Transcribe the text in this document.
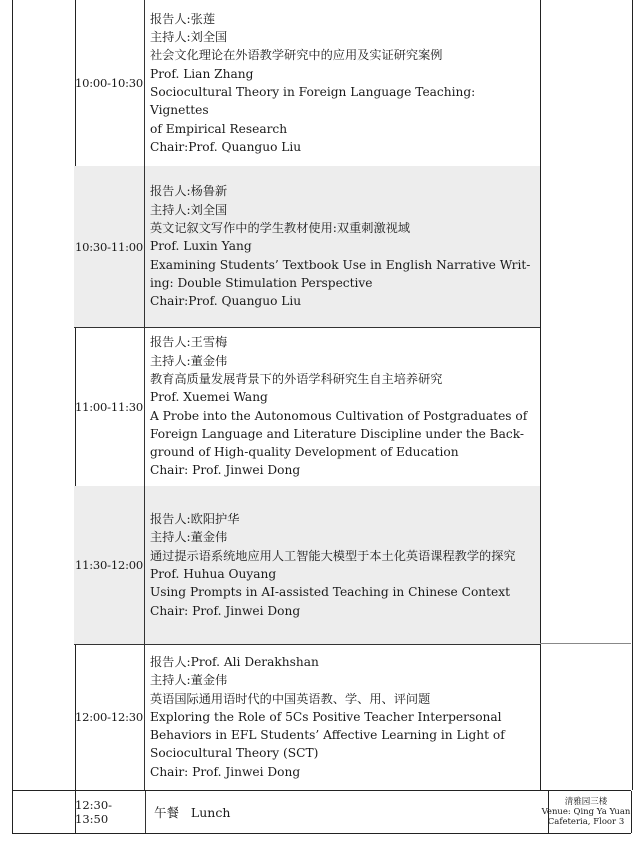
10:00-10:30
报告人:张莲
主持人:刘全国
社会文化理论在外语教学研究中的应用及实证研究案例
Prof. Lian Zhang
Sociocultural Theory in Foreign Language Teaching: Vignettes
of Empirical Research
Chair:Prof. Quanguo Liu
10:30-11:00
报告人:杨鲁新
主持人:刘全国
英文记叙文写作中的学生教材使用:双重刺激视域
Prof. Luxin Yang
Examining Students’ Textbook Use in English Narrative Writ-
ing: Double Stimulation Perspective
Chair:Prof. Quanguo Liu
11:00-11:30
报告人:王雪梅
主持人:董金伟
教育高质量发展背景下的外语学科研究生自主培养研究
Prof. Xuemei Wang
A Probe into the Autonomous Cultivation of Postgraduates of
Foreign Language and Literature Discipline under the Back-
ground of High-quality Development of Education
Chair: Prof. Jinwei Dong
11:30-12:00
报告人:欧阳护华
主持人:董金伟
通过提示语系统地应用人工智能大模型于本土化英语课程教学的探究
Prof. Huhua Ouyang
Using Prompts in AI-assisted Teaching in Chinese Context
Chair: Prof. Jinwei Dong
12:00-12:30
报告人:Prof. Ali Derakhshan
主持人:董金伟
英语国际通用语时代的中国英语教、学、用、评问题
Exploring the Role of 5Cs Positive Teacher Interpersonal
Behaviors in EFL Students’ Affective Learning in Light of
Sociocultural Theory (SCT)
Chair: Prof. Jinwei Dong
12:30-13:50	午餐   Lunch
清雅园三楼
Venue: Qing Ya Yuan
Cafeteria, Floor 3
